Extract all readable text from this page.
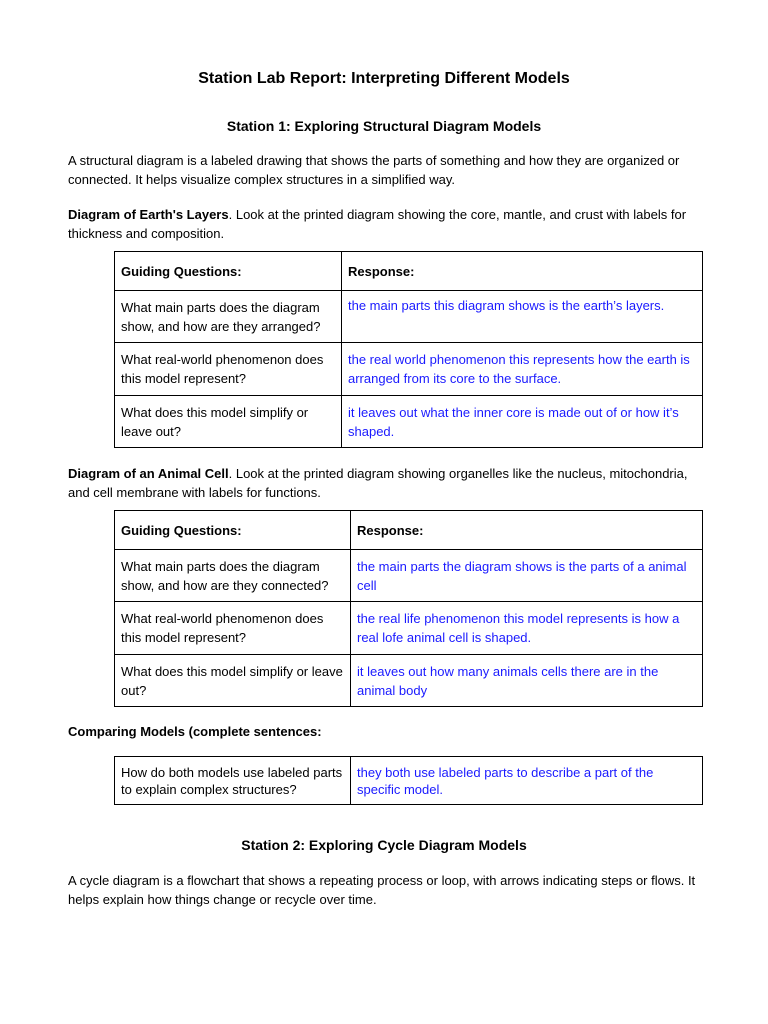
Station Lab Report: Interpreting Different Models
Station 1: Exploring Structural Diagram Models
A structural diagram is a labeled drawing that shows the parts of something and how they are organized or connected. It helps visualize complex structures in a simplified way.
Diagram of Earth's Layers. Look at the printed diagram showing the core, mantle, and crust with labels for thickness and composition.
Guiding Questions:	Response:
What main parts does the diagram show, and how are they arranged?	the main parts this diagram shows is the earth’s layers.
What real-world phenomenon does this model represent?	the real world phenomenon this represents how the earth is arranged from its core to the surface.
What does this model simplify or leave out?	it leaves out what the inner core is made out of or how it’s shaped.
Diagram of an Animal Cell. Look at the printed diagram showing organelles like the nucleus, mitochondria, and cell membrane with labels for functions.
Guiding Questions:	Response:
What main parts does the diagram show, and how are they connected?	the main parts the diagram shows is the parts of a animal cell
What real-world phenomenon does this model represent?	the real life phenomenon this model represents is how a real lofe animal cell is shaped.
What does this model simplify or leave out?	it leaves out how many animals cells there are in the animal body
Comparing Models (complete sentences:
How do both models use labeled parts to explain complex structures?	they both use labeled parts to describe a part of the specific model.
Station 2: Exploring Cycle Diagram Models
A cycle diagram is a flowchart that shows a repeating process or loop, with arrows indicating steps or flows. It helps explain how things change or recycle over time.
